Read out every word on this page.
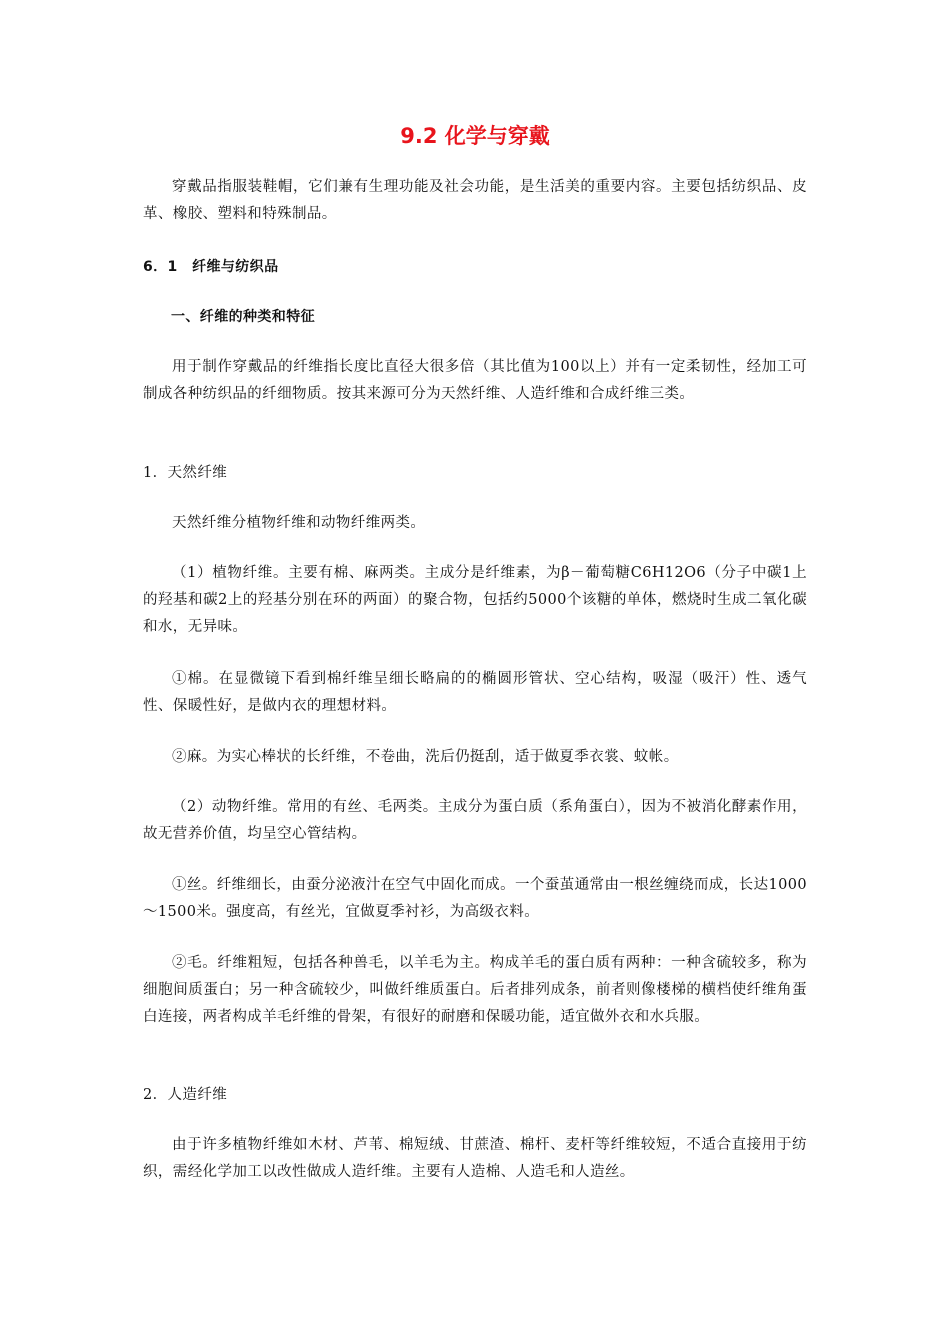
9.2 化学与穿戴

穿戴品指服装鞋帽，它们兼有生理功能及社会功能，是生活美的重要内容。主要包括纺织品、皮革、橡胶、塑料和特殊制品。

6．1　纤维与纺织品

一、纤维的种类和特征

用于制作穿戴品的纤维指长度比直径大很多倍（其比值为100以上）并有一定柔韧性，经加工可制成各种纺织品的纤细物质。按其来源可分为天然纤维、人造纤维和合成纤维三类。

1．天然纤维

天然纤维分植物纤维和动物纤维两类。

（1）植物纤维。主要有棉、麻两类。主成分是纤维素，为β－葡萄糖C6H12O6（分子中碳1上的羟基和碳2上的羟基分别在环的两面）的聚合物，包括约5000个该糖的单体，燃烧时生成二氧化碳和水，无异味。

①棉。在显微镜下看到棉纤维呈细长略扁的的椭圆形管状、空心结构，吸湿（吸汗）性、透气性、保暖性好，是做内衣的理想材料。

②麻。为实心棒状的长纤维，不卷曲，洗后仍挺刮，适于做夏季衣裳、蚊帐。

（2）动物纤维。常用的有丝、毛两类。主成分为蛋白质（系角蛋白），因为不被消化酵素作用，故无营养价值，均呈空心管结构。

①丝。纤维细长，由蚕分泌液汁在空气中固化而成。一个蚕茧通常由一根丝缠绕而成，长达1000～1500米。强度高，有丝光，宜做夏季衬衫，为高级衣料。

②毛。纤维粗短，包括各种兽毛，以羊毛为主。构成羊毛的蛋白质有两种：一种含硫较多，称为细胞间质蛋白；另一种含硫较少，叫做纤维质蛋白。后者排列成条，前者则像楼梯的横档使纤维角蛋白连接，两者构成羊毛纤维的骨架，有很好的耐磨和保暖功能，适宜做外衣和水兵服。

2．人造纤维

由于许多植物纤维如木材、芦苇、棉短绒、甘蔗渣、棉杆、麦杆等纤维较短，不适合直接用于纺织，需经化学加工以改性做成人造纤维。主要有人造棉、人造毛和人造丝。
